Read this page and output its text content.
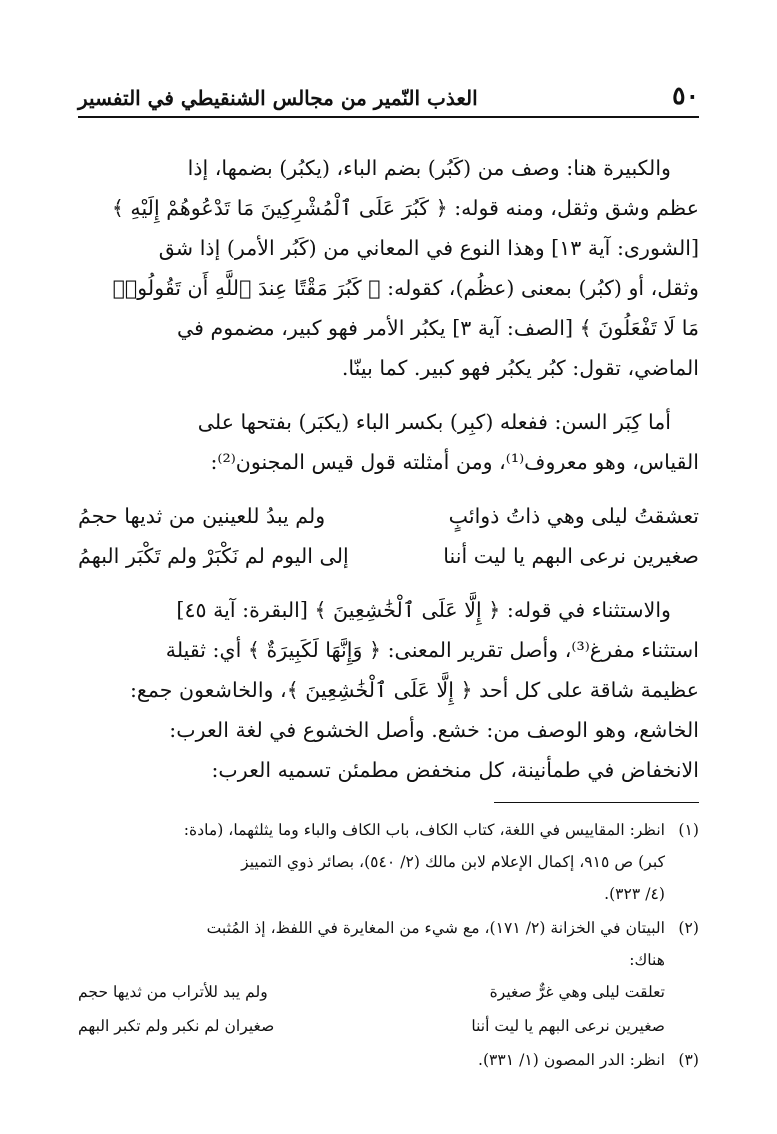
٥٠
العذب النّمير من مجالس الشنقيطي في التفسير

والكبيرة هنا: وصف من (كَبُر) بضم الباء، (يكبُر) بضمها، إذا

عظم وشق وثقل، ومنه قوله: ﴿ كَبُرَ عَلَى ٱلْمُشْرِكِينَ مَا تَدْعُوهُمْ إِلَيْهِ ﴾

[الشورى: آية ١٣] وهذا النوع في المعاني من (كَبُر الأمر) إذا شق

وثقل، أو (كبُر) بمعنى (عظُم)، كقوله: ﴿ كَبُرَ مَقْتًا عِندَ ٱللَّهِ أَن تَقُولُوا۟

مَا لَا تَفْعَلُونَ ﴾ [الصف: آية ٣] يكبُر الأمر فهو كبير، مضموم في

الماضي، تقول: كبُر يكبُر فهو كبير. كما بينّا.

أما كِبَر السن: ففعله (كبِر) بكسر الباء (يكبَر) بفتحها على

القياس، وهو معروف⁽¹⁾، ومن أمثلته قول قيس المجنون⁽²⁾:

تعشقتُ ليلى وهي ذاتُ ذوائبٍ
ولم يبدُ للعينين من ثديها حجمُ
صغيرين نرعى البهم يا ليت أننا
إلى اليوم لم نَكْبَرْ ولم تَكْبَر البهمُ

والاستثناء في قوله: ﴿ إِلَّا عَلَى ٱلْخَٰشِعِينَ ﴾ [البقرة: آية ٤٥]

استثناء مفرغ⁽³⁾، وأصل تقرير المعنى: ﴿ وَإِنَّهَا لَكَبِيرَةٌ ﴾ أي: ثقيلة

عظيمة شاقة على كل أحد ﴿ إِلَّا عَلَى ٱلْخَٰشِعِينَ ﴾، والخاشعون جمع:

الخاشع، وهو الوصف من: خشع. وأصل الخشوع في لغة العرب:

الانخفاض في طمأنينة، كل منخفض مطمئن تسميه العرب:

(١)
انظر: المقاييس في اللغة، كتاب الكاف، باب الكاف والباء وما يثلثهما، (مادة:
كبر) ص ٩١٥، إكمال الإعلام لابن مالك (٢/ ٥٤٠)، بصائر ذوي التمييز
(٤/ ٣٢٣).
(٢)
البيتان في الخزانة (٢/ ١٧١)، مع شيء من المغايرة في اللفظ، إذ المُثبت
هناك:
تعلقت ليلى وهي غرٌّ صغيرة
ولم يبد للأتراب من ثديها حجم
صغيرين نرعى البهم يا ليت أننا
صغيران لم نكبر ولم تكبر البهم
(٣)
انظر: الدر المصون (١/ ٣٣١).
